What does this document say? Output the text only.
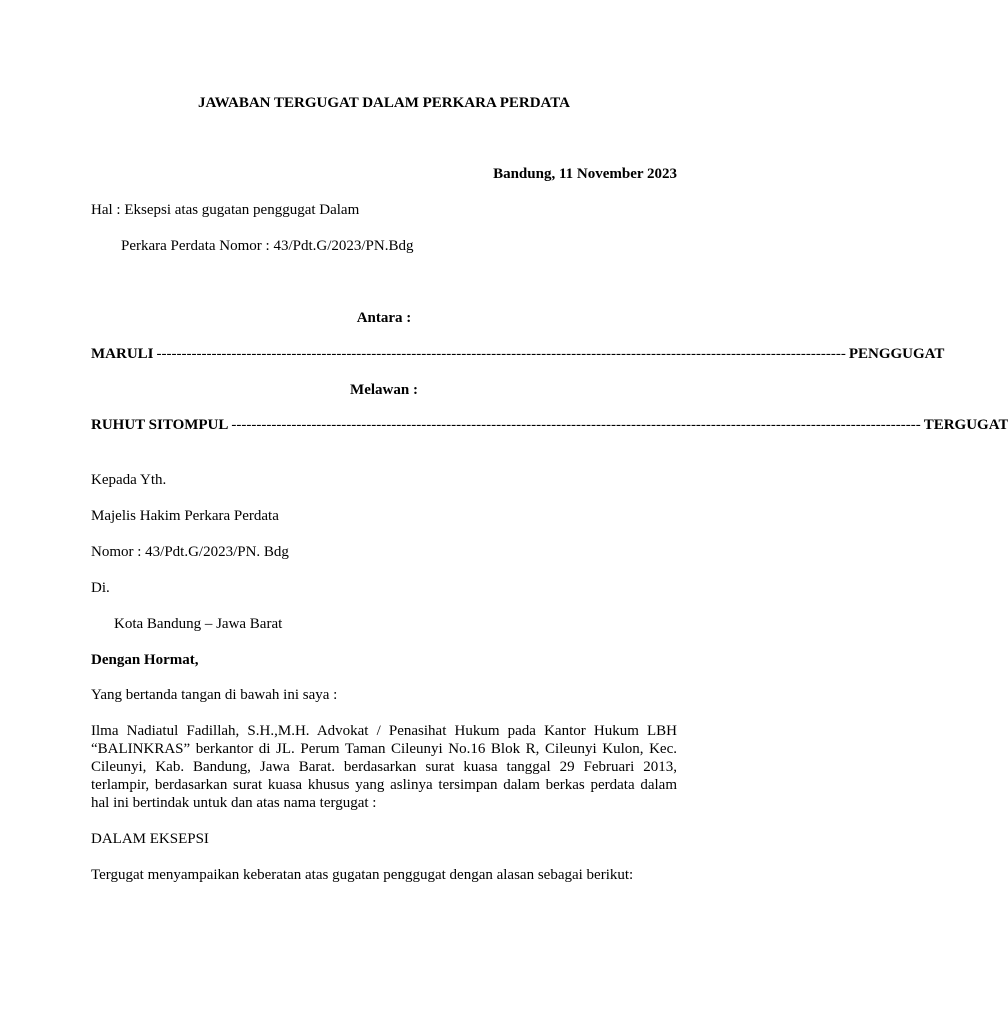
JAWABAN TERGUGAT DALAM PERKARA PERDATA
Bandung, 11 November 2023
Hal : Eksepsi atas gugatan penggugat Dalam
Perkara Perdata Nomor : 43/Pdt.G/2023/PN.Bdg
Antara :
MARULI ------------------------------------------------------------------------------------------------------------------------------------------ PENGGUGAT
Melawan :
RUHUT SITOMPUL ------------------------------------------------------------------------------------------------------------------------------------------ TERGUGAT
Kepada Yth.
Majelis Hakim Perkara Perdata
Nomor : 43/Pdt.G/2023/PN. Bdg
Di.
Kota Bandung – Jawa Barat
Dengan Hormat,
Yang bertanda tangan di bawah ini saya :
Ilma Nadiatul Fadillah, S.H.,M.H. Advokat / Penasihat Hukum pada Kantor Hukum LBH “BALINKRAS” berkantor di JL. Perum Taman Cileunyi No.16 Blok R, Cileunyi Kulon, Kec. Cileunyi, Kab. Bandung, Jawa Barat. berdasarkan surat kuasa tanggal 29 Februari 2013, terlampir, berdasarkan surat kuasa khusus yang aslinya tersimpan dalam berkas perdata dalam hal ini bertindak untuk dan atas nama tergugat :
DALAM EKSEPSI
Tergugat menyampaikan keberatan atas gugatan penggugat dengan alasan sebagai berikut:
